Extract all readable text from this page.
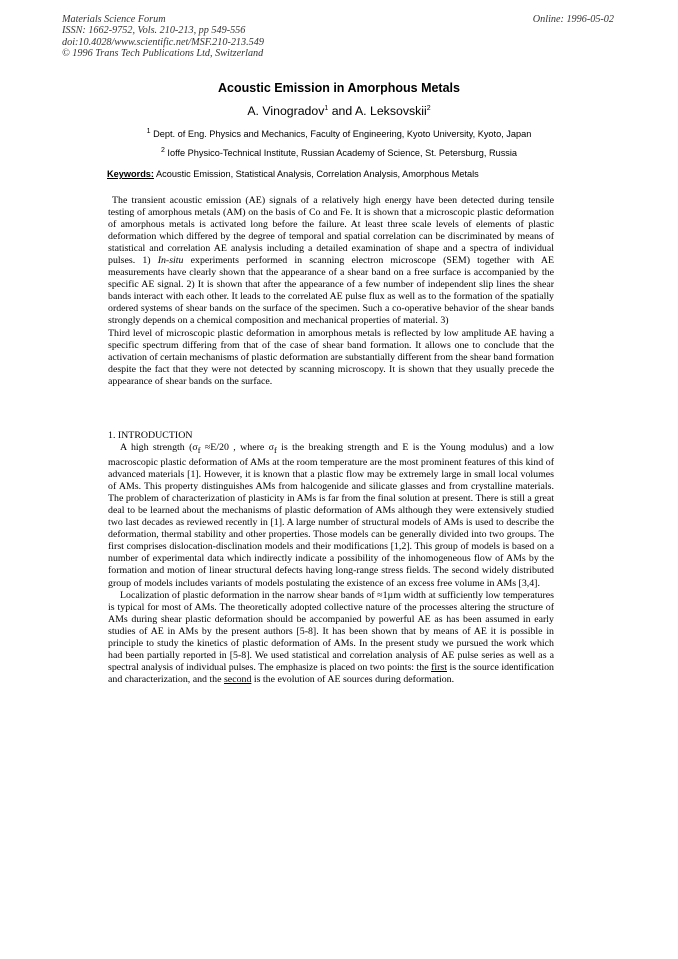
Materials Science Forum
ISSN: 1662-9752, Vols. 210-213, pp 549-556
doi:10.4028/www.scientific.net/MSF.210-213.549
© 1996 Trans Tech Publications Ltd, Switzerland
Online: 1996-05-02
Acoustic Emission in Amorphous Metals
A. Vinogradov$^1$ and A. Leksovskii$^2$
$^1$ Dept. of Eng. Physics and Mechanics, Faculty of Engineering, Kyoto University, Kyoto, Japan
$^2$ Ioffe Physico-Technical Institute, Russian Academy of Science, St. Petersburg, Russia
Keywords: Acoustic Emission, Statistical Analysis, Correlation Analysis, Amorphous Metals

The transient acoustic emission (AE) signals of a relatively high energy have been detected during tensile testing of amorphous metals (AM) on the basis of Co and Fe. It is shown that a microscopic plastic deformation of amorphous metals is activated long before the failure. At least three scale levels of elements of plastic deformation which differed by the degree of temporal and spatial correlation can be discriminated by means of statistical and correlation AE analysis including a detailed examination of shape and a spectra of individual pulses. 1) In-situ experiments performed in scanning electron microscope (SEM) together with AE measurements have clearly shown that the appearance of a shear band on a free surface is accompanied by the specific AE signal. 2) It is shown that after the appearance of a few number of independent slip lines the shear bands interact with each other. It leads to the correlated AE pulse flux as well as to the formation of the spatially ordered systems of shear bands on the surface of the specimen. Such a co-operative behavior of the shear bands strongly depends on a chemical composition and mechanical properties of material. 3)

Third level of microscopic plastic deformation in amorphous metals is reflected by low amplitude AE having a specific spectrum differing from that of the case of shear band formation. It allows one to conclude that the activation of certain mechanisms of plastic deformation are substantially different from the shear band formation despite the fact that they were not detected by scanning microscopy. It is shown that they usually precede the appearance of shear bands on the surface.

1. INTRODUCTION

A high strength ($\sigma_f \approx E/20$ , where $\sigma_f$ is the breaking strength and E is the Young modulus) and a low macroscopic plastic deformation of AMs at the room temperature are the most prominent features of this kind of advanced materials [1]. However, it is known that a plastic flow may be extremely large in small local volumes of AMs. This property distinguishes AMs from halcogenide and silicate glasses and from crystalline materials. The problem of characterization of plasticity in AMs is far from the final solution at present. There is still a great deal to be learned about the mechanisms of plastic deformation of AMs although they were extensively studied two last decades as reviewed recently in [1]. A large number of structural models of AMs is used to describe the deformation, thermal stability and other properties. Those models can be generally divided into two groups. The first comprises dislocation-disclination models and their modifications [1,2]. This group of models is based on a number of experimental data which indirectly indicate a possibility of the inhomogeneous flow of AMs by the formation and motion of linear structural defects having long-range stress fields. The second widely distributed group of models includes variants of models postulating the existence of an excess free volume in AMs [3,4].

Localization of plastic deformation in the narrow shear bands of ≈1µm width at sufficiently low temperatures is typical for most of AMs. The theoretically adopted collective nature of the processes altering the structure of AMs during shear plastic deformation should be accompanied by powerful AE as has been assumed in early studies of AE in AMs by the present authors [5-8]. It has been shown that by means of AE it is possible in principle to study the kinetics of plastic deformation of AMs. In the present study we pursued the work which had been partially reported in [5-8]. We used statistical and correlation analysis of AE pulse series as well as a spectral analysis of individual pulses. The emphasize is placed on two points: the first is the source identification and characterization, and the second is the evolution of AE sources during deformation.
